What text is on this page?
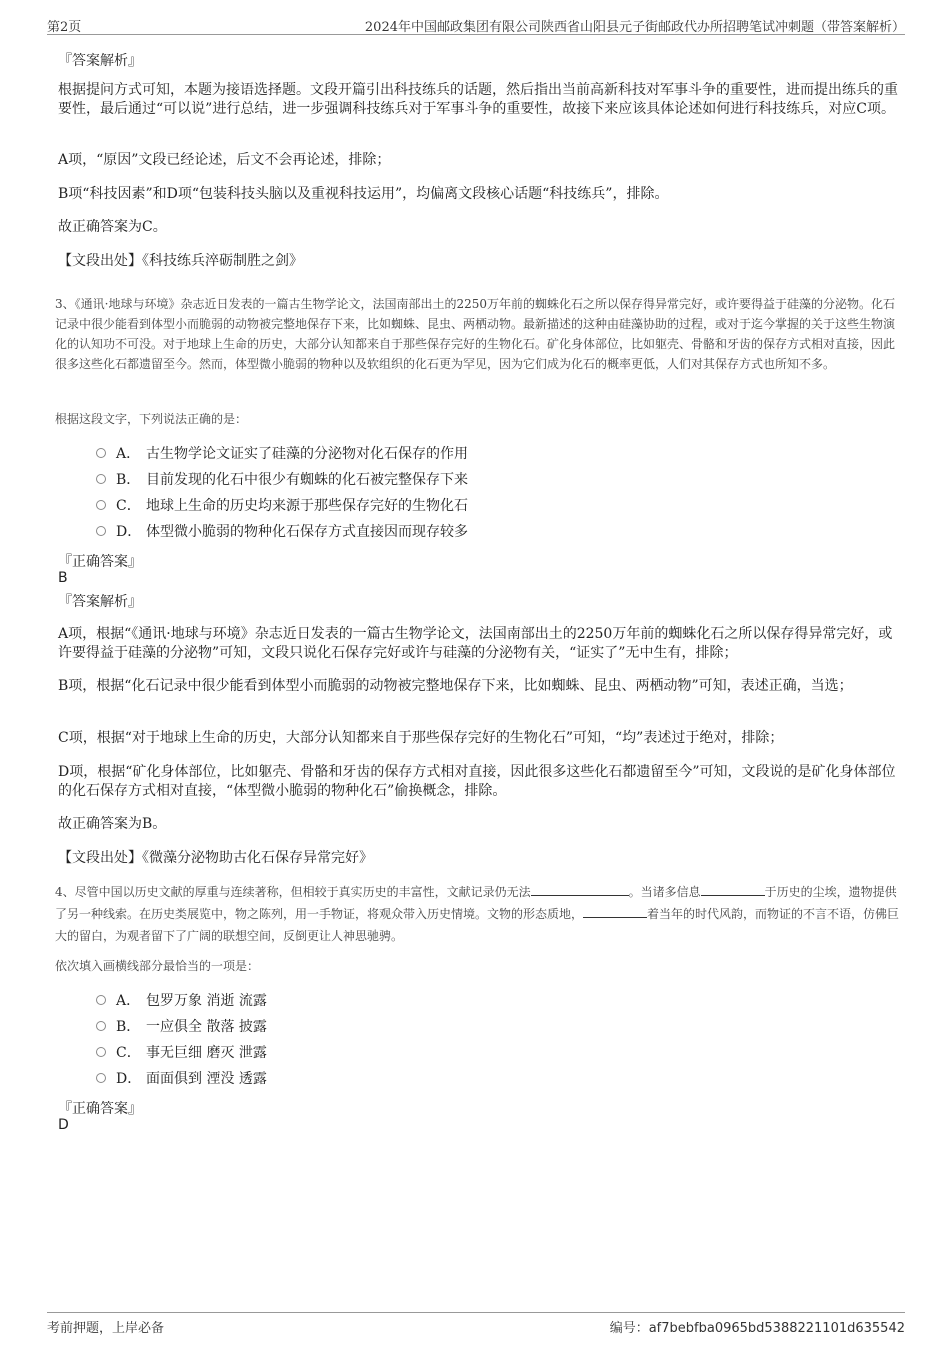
第2页	2024年中国邮政集团有限公司陕西省山阳县元子街邮政代办所招聘笔试冲刺题（带答案解析）
『答案解析』
根据提问方式可知，本题为接语选择题。文段开篇引出科技练兵的话题，然后指出当前高新科技对军事斗争的重要性，进而提出练兵的重要性，最后通过“可以说”进行总结，进一步强调科技练兵对于军事斗争的重要性，故接下来应该具体论述如何进行科技练兵，对应C项。
A项，“原因”文段已经论述，后文不会再论述，排除；
B项“科技因素”和D项“包装科技头脑以及重视科技运用”，均偏离文段核心话题“科技练兵”，排除。
故正确答案为C。
【文段出处】《科技练兵淬砺制胜之剑》
3、《通讯·地球与环境》杂志近日发表的一篇古生物学论文，法国南部出土的2250万年前的蜘蛛化石之所以保存得异常完好，或许要得益于硅藻的分泌物。化石记录中很少能看到体型小而脆弱的动物被完整地保存下来，比如蜘蛛、昆虫、两栖动物。最新描述的这种由硅藻协助的过程，或对于迄今掌握的关于这些生物演化的认知功不可没。对于地球上生命的历史，大部分认知都来自于那些保存完好的生物化石。矿化身体部位，比如躯壳、骨骼和牙齿的保存方式相对直接，因此很多这些化石都遗留至今。然而，体型微小脆弱的物种以及软组织的化石更为罕见，因为它们成为化石的概率更低，人们对其保存方式也所知不多。
根据这段文字，下列说法正确的是：
A． 古生物学论文证实了硅藻的分泌物对化石保存的作用
B． 目前发现的化石中很少有蜘蛛的化石被完整保存下来
C． 地球上生命的历史均来源于那些保存完好的生物化石
D． 体型微小脆弱的物种化石保存方式直接因而现存较多
『正确答案』
B
『答案解析』
A项，根据“《通讯·地球与环境》杂志近日发表的一篇古生物学论文，法国南部出土的2250万年前的蜘蛛化石之所以保存得异常完好，或许要得益于硅藻的分泌物”可知，文段只说化石保存完好或许与硅藻的分泌物有关，“证实了”无中生有，排除；
B项，根据“化石记录中很少能看到体型小而脆弱的动物被完整地保存下来，比如蜘蛛、昆虫、两栖动物”可知，表述正确，当选；
C项，根据“对于地球上生命的历史，大部分认知都来自于那些保存完好的生物化石”可知，“均”表述过于绝对，排除；
D项，根据“矿化身体部位，比如躯壳、骨骼和牙齿的保存方式相对直接，因此很多这些化石都遗留至今”可知，文段说的是矿化身体部位的化石保存方式相对直接，“体型微小脆弱的物种化石”偷换概念，排除。
故正确答案为B。
【文段出处】《微藻分泌物助古化石保存异常完好》
4、尽管中国以历史文献的厚重与连续著称，但相较于真实历史的丰富性，文献记录仍无法	。当诸多信息	于历史的尘埃，遗物提供了另一种线索。在历史类展览中，物之陈列，用一手物证，将观众带入历史情境。文物的形态质地，	着当年的时代风韵，而物证的不言不语，仿佛巨大的留白，为观者留下了广阔的联想空间，反倒更让人神思驰骋。
依次填入画横线部分最恰当的一项是：
A． 包罗万象 消逝 流露
B． 一应俱全 散落 披露
C． 事无巨细 磨灭 泄露
D． 面面俱到 湮没 透露
『正确答案』
D
考前押题，上岸必备	编号：af7bebfba0965bd5388221101d635542
